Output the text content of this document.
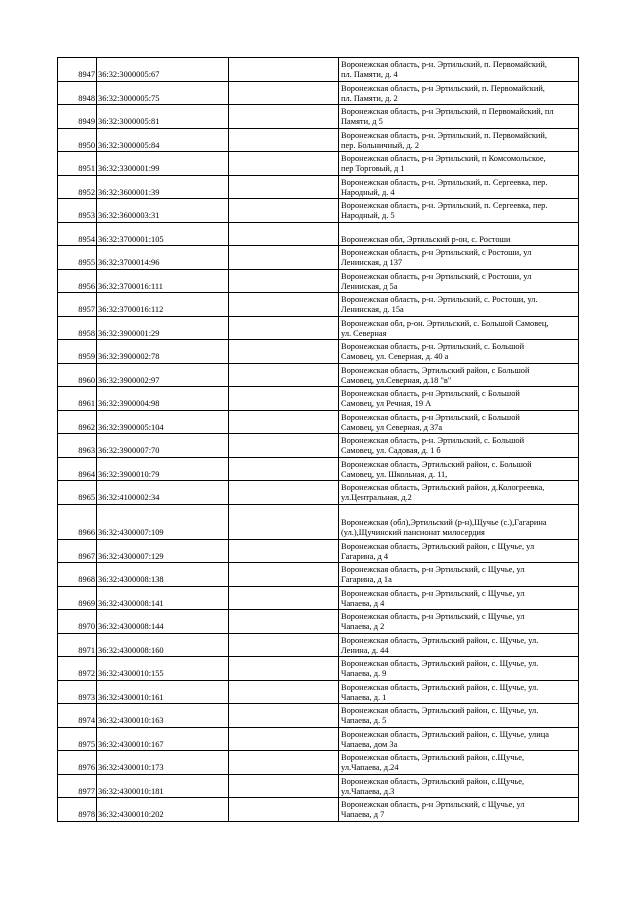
8947	36:32:3000005:67		Воронежская область, р-н. Эртильский, п. Первомайский,
пл. Памяти, д. 4

8948	36:32:3000005:75		Воронежская область, р-н Эртильский, п. Первомайский,
пл. Памяти, д. 2

8949	36:32:3000005:81		Воронежская область, р-н Эртильский, п Первомайский, пл
Памяти, д 5

8950	36:32:3000005:84		Воронежская область, р-н. Эртильский, п. Первомайский,
пер. Больничный, д. 2

8951	36:32:3300001:99		Воронежская область, р-н Эртильский, п Комсомольское,
пер Торговый, д 1

8952	36:32:3600001:39		Воронежская область, р-н. Эртильский, п. Сергеевка, пер.
Народный, д. 4

8953	36:32:3600003:31		Воронежская область, р-н. Эртильский, п. Сергеевка, пер.
Народный, д. 5

8954	36:32:3700001:105		Воронежская обл, Эртильский р-он, с. Ростоши

8955	36:32:3700014:96		Воронежская область, р-н Эртильский, с Ростоши, ул
Ленинская, д 137

8956	36:32:3700016:111		Воронежская область, р-н Эртильский, с Ростоши, ул
Ленинская, д 5а

8957	36:32:3700016:112		Воронежская область, р-н. Эртильский, с. Ростоши, ул.
Ленинская, д. 15а

8958	36:32:3900001:29		Воронежская обл, р-он. Эртильский, с. Большой Самовец,
ул. Северная

8959	36:32:3900002:78		Воронежская область, р-н. Эртильский, с. Большой
Самовец, ул. Северная, д. 40 а

8960	36:32:3900002:97		Воронежская область, Эртильский район, с Большой
Самовец, ул.Северная, д.18 "в"

8961	36:32:3900004:98		Воронежская область, р-н Эртильский, с Большой
Самовец, ул Речная, 19 А

8962	36:32:3900005:104		Воронежская область, р-н Эртильский, с Большой
Самовец, ул Северная, д 37а

8963	36:32:3900007:70		Воронежская область, р-н. Эртильский, с. Большой
Самовец, ул. Садовая, д. 1 б

8964	36:32:3900010:79		Воронежская область, Эртильский район, с. Большой
Самовец, ул. Школьная, д. 11,

8965	36:32:4100002:34		Воронежская область, Эртильский район, д.Кологреевка,
ул.Центральная, д.2

8966	36:32:4300007:109		Воронежская (обл),Эртильский (р-н),Щучье (с.),Гагарина
(ул.),Щучинский пансионат милосердия

8967	36:32:4300007:129		Воронежская область, Эртильский район, с Щучье, ул
Гагарина, д 4

8968	36:32:4300008:138		Воронежская область, р-н Эртильский, с Щучье, ул
Гагарина, д 1а

8969	36:32:4300008:141		Воронежская область, р-н Эртильский, с Щучье, ул
Чапаева, д 4

8970	36:32:4300008:144		Воронежская область, р-н Эртильский, с Щучье, ул
Чапаева, д 2

8971	36:32:4300008:160		Воронежская область, Эртильский район, с. Щучье, ул.
Ленина, д. 44

8972	36:32:4300010:155		Воронежская область, Эртильский район, с. Щучье, ул.
Чапаева, д. 9

8973	36:32:4300010:161		Воронежская область, Эртильский район, с. Щучье, ул.
Чапаева, д. 1

8974	36:32:4300010:163		Воронежская область, Эртильский район, с. Щучье, ул.
Чапаева, д. 5

8975	36:32:4300010:167		Воронежская область, Эртильский район, с. Щучье, улица
Чапаева, дом 3а

8976	36:32:4300010:173		Воронежская область, Эртильский район, с.Щучье,
ул.Чапаева, д.24

8977	36:32:4300010:181		Воронежская область, Эртильский район, с.Щучье,
ул.Чапаева, д.3

8978	36:32:4300010:202		Воронежская область, р-н Эртильский, с Щучье, ул
Чапаева, д 7
